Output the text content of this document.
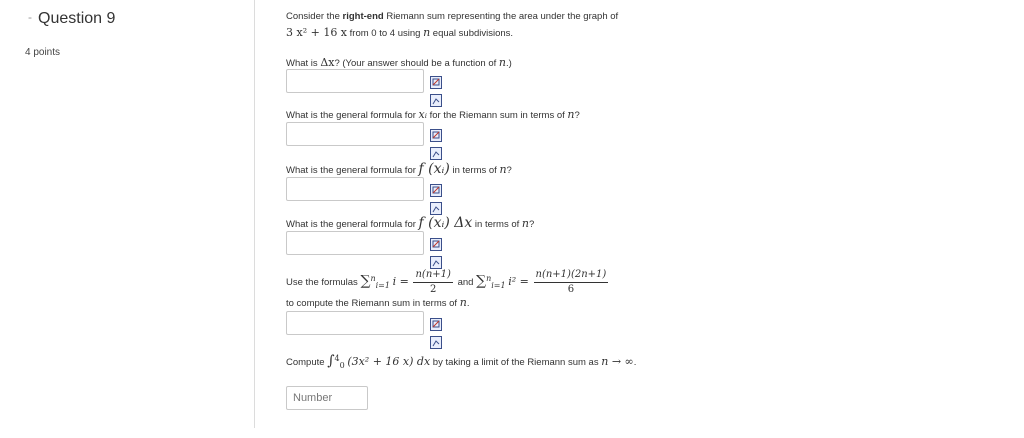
- Question 9
4 points
Consider the right-end Riemann sum representing the area under the graph of
3 x² + 16 x from 0 to 4 using n equal subdivisions.
What is Δx? (Your answer should be a function of n.)
What is the general formula for xᵢ for the Riemann sum in terms of n?
What is the general formula for f (xᵢ) in terms of n?
What is the general formula for f (xᵢ) Δx in terms of n?
Use the formulas ∑$^n_{i=1}$ $i = \frac{n(n+1)}{2}$ and ∑$^n_{i=1}$ $i^2 = \frac{n(n+1)(2n+1)}{6}$
to compute the Riemann sum in terms of n.
Compute ∫$^4_0$ (3x² + 16 x) dx by taking a limit of the Riemann sum as n → ∞.
Number
